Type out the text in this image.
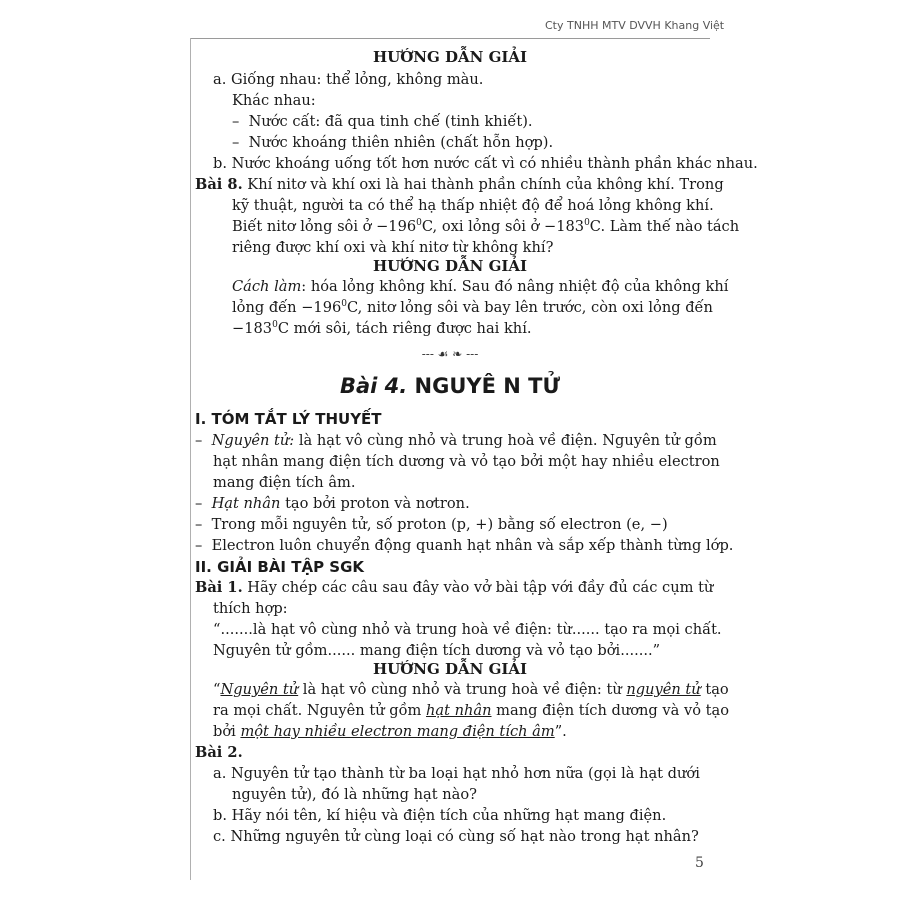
Cty TNHH MTV DVVH Khang Việt
HƯỚNG DẪN GIẢI
a. Giống nhau: thể lỏng, không màu.
Khác nhau:
– Nước cất: đã qua tinh chế (tinh khiết).
– Nước khoáng thiên nhiên (chất hỗn hợp).
b. Nước khoáng uống tốt hơn nước cất vì có nhiều thành phần khác nhau.
Bài 8. Khí nitơ và khí oxi là hai thành phần chính của không khí. Trong
kỹ thuật, người ta có thể hạ thấp nhiệt độ để hoá lỏng không khí.
Biết nitơ lỏng sôi ở $-196^0C$, oxi lỏng sôi ở $-183^0C$. Làm thế nào tách
riêng được khí oxi và khí nitơ từ không khí?
HƯỚNG DẪN GIẢI
Cách làm: hóa lỏng không khí. Sau đó nâng nhiệt độ của không khí
lỏng đến $-196^0C$, nitơ lỏng sôi và bay lên trước, còn oxi lỏng đến
$-183^0C$ mới sôi, tách riêng được hai khí.
--- ☙ ❧ ---
Bài 4. NGUYÊ N TỬ
I. TÓM TẮT LÝ THUYẾT
– Nguyên tử: là hạt vô cùng nhỏ và trung hoà về điện. Nguyên tử gồm
hạt nhân mang điện tích dương và vỏ tạo bởi một hay nhiều electron
mang điện tích âm.
– Hạt nhân tạo bởi proton và nơtron.
– Trong mỗi nguyên tử, số proton (p, +) bằng số electron (e, −)
– Electron luôn chuyển động quanh hạt nhân và sắp xếp thành từng lớp.
II. GIẢI BÀI TẬP SGK
Bài 1. Hãy chép các câu sau đây vào vở bài tập với đầy đủ các cụm từ
thích hợp:
“.......là hạt vô cùng nhỏ và trung hoà về điện: từ...... tạo ra mọi chất.
Nguyên tử gồm...... mang điện tích dương và vỏ tạo bởi.......”
HƯỚNG DẪN GIẢI
“Nguyên tử là hạt vô cùng nhỏ và trung hoà về điện: từ nguyên tử tạo
ra mọi chất. Nguyên tử gồm hạt nhân mang điện tích dương và vỏ tạo
bởi một hay nhiều electron mang điện tích âm”.
Bài 2.
a. Nguyên tử tạo thành từ ba loại hạt nhỏ hơn nữa (gọi là hạt dưới
nguyên tử), đó là những hạt nào?
b. Hãy nói tên, kí hiệu và điện tích của những hạt mang điện.
c. Những nguyên tử cùng loại có cùng số hạt nào trong hạt nhân?
5
